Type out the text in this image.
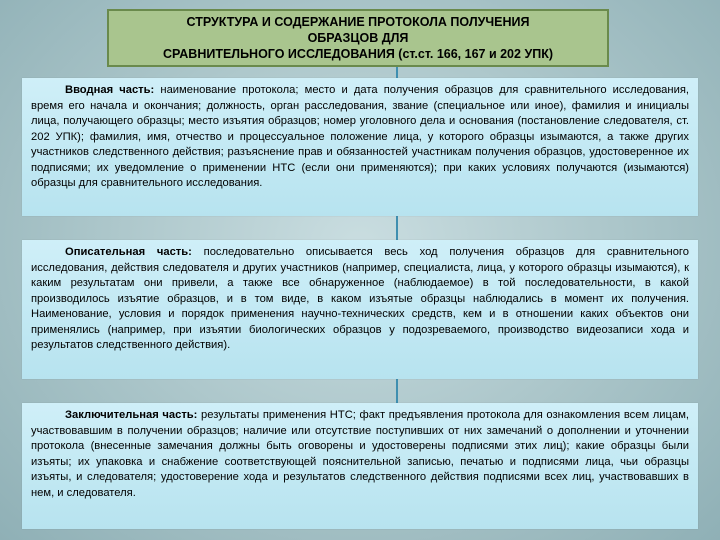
СТРУКТУРА И СОДЕРЖАНИЕ ПРОТОКОЛА ПОЛУЧЕНИЯ
ОБРАЗЦОВ ДЛЯ
СРАВНИТЕЛЬНОГО ИССЛЕДОВАНИЯ (ст.ст. 166, 167 и 202 УПК)
Вводная часть: наименование протокола; место и дата получения образцов для сравнительного исследования, время его начала и окончания; должность, орган расследования, звание (специальное или иное), фамилия и инициалы лица, получающего образцы; место изъятия образцов; номер уголовного дела и основания (постановление следователя, ст. 202 УПК); фамилия, имя, отчество и процессуальное положение лица, у которого образцы изымаются, а также других участников следственного действия; разъяснение прав и обязанностей участникам получения образцов, удостоверенное их подписями; их уведомление о применении НТС (если они применяются); при каких условиях получаются (изымаются) образцы для сравнительного исследования.
Описательная часть: последовательно описывается весь ход получения образцов для сравнительного исследования, действия следователя и других участников (например, специалиста, лица, у которого образцы изымаются), к каким результатам они привели, а также все обнаруженное (наблюдаемое) в той последовательности, в какой производилось изъятие образцов, и в том виде, в каком изъятые образцы наблюдались в момент их получения. Наименование, условия и порядок применения научно-технических средств, кем и в отношении каких объектов они применялись (например, при изъятии биологических образцов у подозреваемого, производство видеозаписи хода и результатов следственного действия).
Заключительная часть: результаты применения НТС; факт предъявления протокола для ознакомления всем лицам, участвовавшим в получении образцов; наличие или отсутствие поступивших от них замечаний о дополнении и уточнении протокола (внесенные замечания должны быть оговорены и удостоверены подписями этих лиц); какие образцы были изъяты; их упаковка и снабжение соответствующей пояснительной записью, печатью и подписями лица, чьи образцы изъяты, и следователя; удостоверение хода и результатов следственного действия подписями всех лиц, участвовавших в нем, и следователя.
